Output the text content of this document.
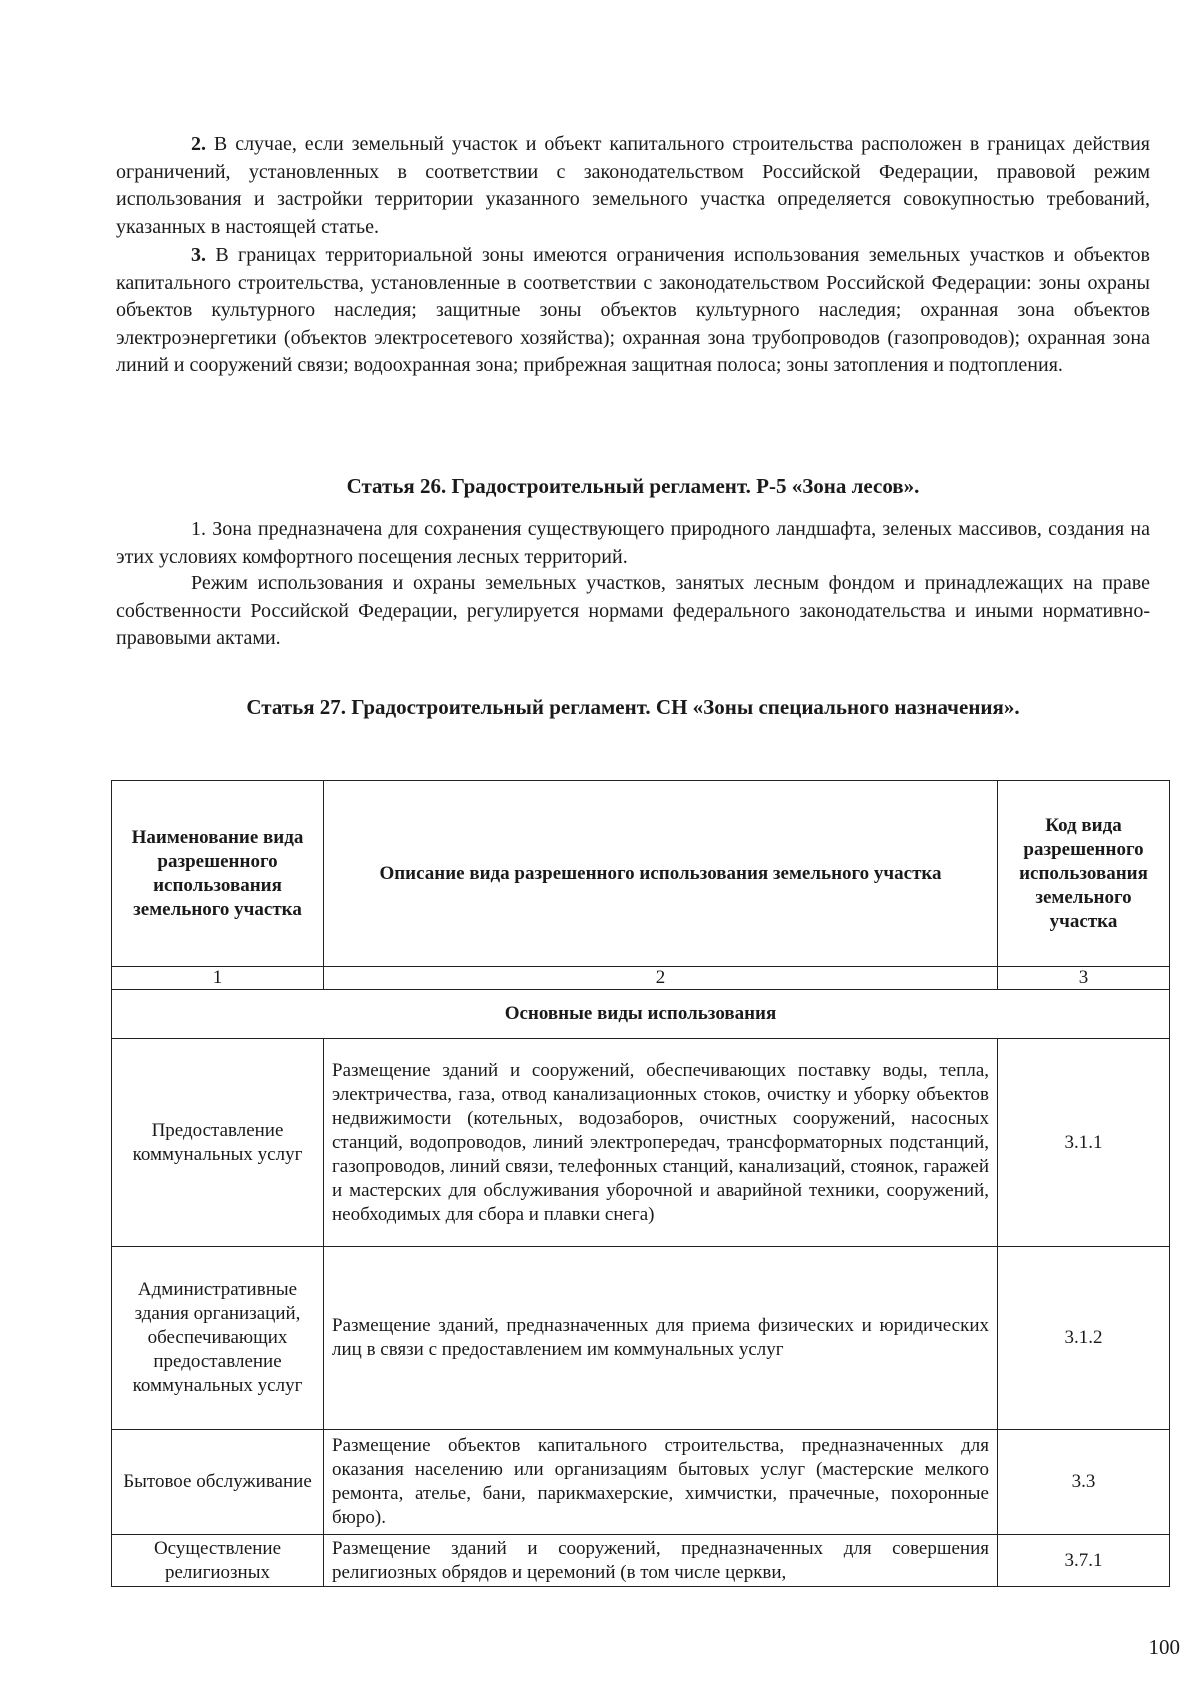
2. В случае, если земельный участок и объект капитального строительства расположен в границах действия ограничений, установленных в соответствии с законодательством Российской Федерации, правовой режим использования и застройки территории указанного земельного участка определяется совокупностью требований, указанных в настоящей статье.

3. В границах территориальной зоны имеются ограничения использования земельных участков и объектов капитального строительства, установленные в соответствии с законодательством Российской Федерации: зоны охраны объектов культурного наследия; защитные зоны объектов культурного наследия; охранная зона объектов электроэнергетики (объектов электросетевого хозяйства); охранная зона трубопроводов (газопроводов); охранная зона линий и сооружений связи; водоохранная зона; прибрежная защитная полоса; зоны затопления и подтопления.

Статья 26. Градостроительный регламент. Р-5 «Зона лесов».

1. Зона предназначена для сохранения существующего природного ландшафта, зеленых массивов, создания на этих условиях комфортного посещения лесных территорий.

Режим использования и охраны земельных участков, занятых лесным фондом и принадлежащих на праве собственности Российской Федерации, регулируется нормами федерального законодательства и иными нормативно-правовыми актами.

Статья 27. Градостроительный регламент. СН «Зоны специального назначения».
Наименование вида разрешенного использования земельного участка	Описание вида разрешенного использования земельного участка	Код вида разрешенного использования земельного участка
1	2	3
Основные виды использования		
Предоставление коммунальных услуг	Размещение зданий и сооружений, обеспечивающих поставку воды, тепла, электричества, газа, отвод канализационных стоков, очистку и уборку объектов недвижимости (котельных, водозаборов, очистных сооружений, насосных станций, водопроводов, линий электропередач, трансформаторных подстанций, газопроводов, линий связи, телефонных станций, канализаций, стоянок, гаражей и мастерских для обслуживания уборочной и аварийной техники, сооружений, необходимых для сбора и плавки снега)	3.1.1
Административные здания организаций, обеспечивающих предоставление коммунальных услуг	Размещение зданий, предназначенных для приема физических и юридических лиц в связи с предоставлением им коммунальных услуг	3.1.2
Бытовое обслуживание	Размещение объектов капитального строительства, предназначенных для оказания населению или организациям бытовых услуг (мастерские мелкого ремонта, ателье, бани, парикмахерские, химчистки, прачечные, похоронные бюро).	3.3
Осуществление религиозных	Размещение зданий и сооружений, предназначенных для совершения религиозных обрядов и церемоний (в том числе церкви,	3.7.1
100
